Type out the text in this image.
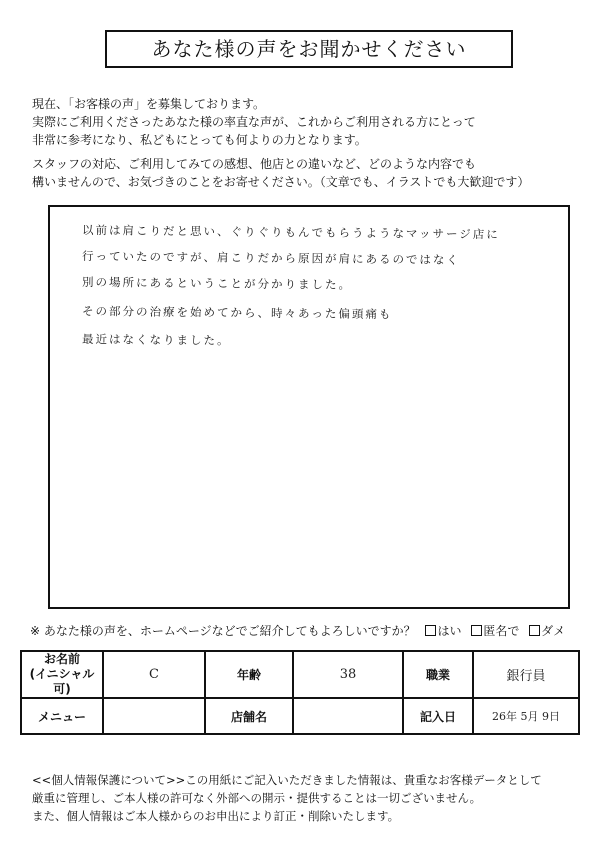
あなた様の声をお聞かせください
現在、「お客様の声」を募集しております。
実際にご利用くださったあなた様の率直な声が、これからご利用される方にとって
非常に参考になり、私どもにとっても何よりの力となります。
スタッフの対応、ご利用してみての感想、他店との違いなど、どのような内容でも
構いませんので、お気づきのことをお寄せください。（文章でも、イラストでも大歓迎です）
以前は肩こりだと思い、ぐりぐりもんでもらうようなマッサージ店に
行っていたのですが、肩こりだから原因が肩にあるのではなく
別の場所にあるということが分かりました。
その部分の治療を始めてから、時々あった偏頭痛も
最近はなくなりました。
※ あなた様の声を、ホームページなどでご紹介してもよろしいですか？ はい 匿名で ダメ
お名前
(イニシャル可)	C	年齢	38	職業	銀行員
メニュー		店舗名		記入日	26年 5月 9日
<<個人情報保護について>>この用紙にご記入いただきました情報は、貴重なお客様データとして
厳重に管理し、ご本人様の許可なく外部への開示・提供することは一切ございません。
また、個人情報はご本人様からのお申出により訂正・削除いたします。
